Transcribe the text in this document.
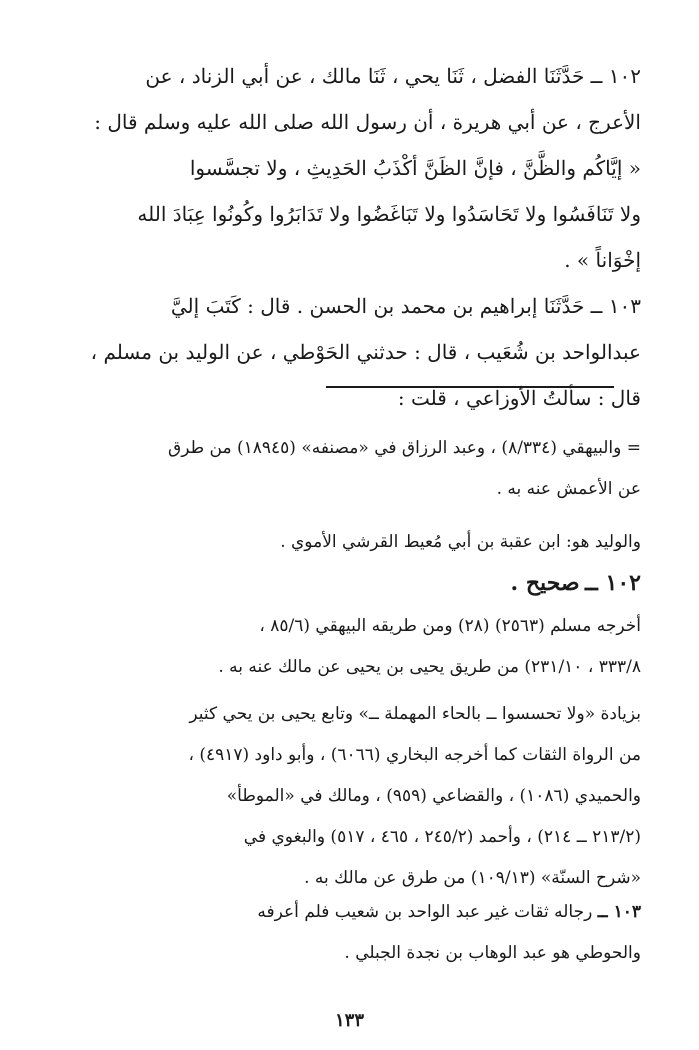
١٠٢ ــ حَدَّثَنَا الفضل ، ثَنَا يحي ، ثَنَا مالك ، عن أبي الزناد ، عن
الأعرج ، عن أبي هريرة ، أن رسول الله صلى الله عليه وسلم قال :
« إيَّاكُم والظَّنَّ ، فإنَّ الظَنَّ أكْذَبُ الحَدِيثِ ، ولا تجسَّسوا
ولا تَنَافَسُوا ولا تَحَاسَدُوا ولا تَبَاغَضُوا ولا تَدَابَرُوا وكُونُوا عِبَادَ الله
إخْوَاناً » .
١٠٣ ــ حَدَّثَنَا إبراهيم بن محمد بن الحسن . قال : كَتَبَ إليَّ
عبدالواحد بن شُعَيب ، قال : حدثني الحَوْطي ، عن الوليد بن مسلم ،
قال : سألتُ الأوزاعي ، قلت :
= والبيهقي (٨/٣٣٤) ، وعبد الرزاق في «مصنفه» (١٨٩٤٥) من طرق
عن الأعمش عنه به .
والوليد هو: ابن عقبة بن أبي مُعيط القرشي الأموي .
١٠٢ ــ صحيح .
أخرجه مسلم (٢٥٦٣) (٢٨) ومن طريقه البيهقي (٨٥/٦ ،
٣٣٣/٨ ، ٢٣١/١٠) من طريق يحيى بن يحيى عن مالك عنه به .
بزيادة «ولا تحسسوا ــ بالحاء المهملة ــ» وتابع يحيى بن يحي كثير
من الرواة الثقات كما أخرجه البخاري (٦٠٦٦) ، وأبو داود (٤٩١٧) ،
والحميدي (١٠٨٦) ، والقضاعي (٩٥٩) ، ومالك في «الموطأ»
(٢١٣/٢ ــ ٢١٤) ، وأحمد (٢٤٥/٢ ، ٤٦٥ ، ٥١٧) والبغوي في
«شرح السنّة» (١٠٩/١٣) من طرق عن مالك به .
١٠٣ ــ رجاله ثقات غير عبد الواحد بن شعيب فلم أعرفه
والحوطي هو عبد الوهاب بن نجدة الجبلي .
١٣٣
